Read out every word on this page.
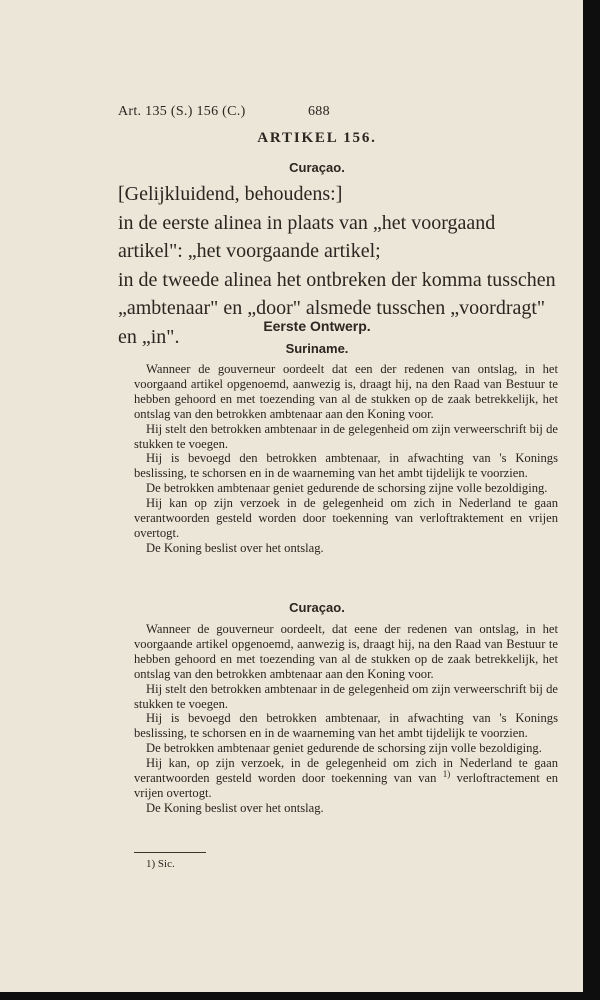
Art. 135 (S.) 156 (C.)	688
ARTIKEL 156.
Curaçao.

[Gelijkluidend, behoudens:]

in de eerste alinea in plaats van „het voorgaand artikel": „het voorgaande artikel;

in de tweede alinea het ontbreken der komma tusschen „ambtenaar" en „door" alsmede tusschen „voordragt" en „in".	Eerste Ontwerp.
Suriname.

Wanneer de gouverneur oordeelt dat een der redenen van ontslag, in het voorgaand artikel opgenoemd, aanwezig is, draagt hij, na den Raad van Bestuur te hebben gehoord en met toezending van al de stukken op de zaak betrekkelijk, het ontslag van den betrokken ambtenaar aan den Koning voor.

Hij stelt den betrokken ambtenaar in de gelegenheid om zijn verweerschrift bij de stukken te voegen.

Hij is bevoegd den betrokken ambtenaar, in afwachting van 's Konings beslissing, te schorsen en in de waarneming van het ambt tijdelijk te voorzien.

De betrokken ambtenaar geniet gedurende de schorsing zijne volle bezoldiging.

Hij kan op zijn verzoek in de gelegenheid om zich in Nederland te gaan verantwoorden gesteld worden door toekenning van verloftraktement en vrijen overtogt.

De Koning beslist over het ontslag.

Curaçao.

Wanneer de gouverneur oordeelt, dat eene der redenen van ontslag, in het voorgaande artikel opgenoemd, aanwezig is, draagt hij, na den Raad van Bestuur te hebben gehoord en met toezending van al de stukken op de zaak betrekkelijk, het ontslag van den betrokken ambtenaar aan den Koning voor.

Hij stelt den betrokken ambtenaar in de gelegenheid om zijn verweerschrift bij de stukken te voegen.

Hij is bevoegd den betrokken ambtenaar, in afwachting van 's Konings beslissing, te schorsen en in de waarneming van het ambt tijdelijk te voorzien.

De betrokken ambtenaar geniet gedurende de schorsing zijn volle bezoldiging.

Hij kan, op zijn verzoek, in de gelegenheid om zich in Nederland te gaan verantwoorden gesteld worden door toekenning van van $^{1)}$ verloftractement en vrijen overtogt.

De Koning beslist over het ontslag.

1) Sic.
